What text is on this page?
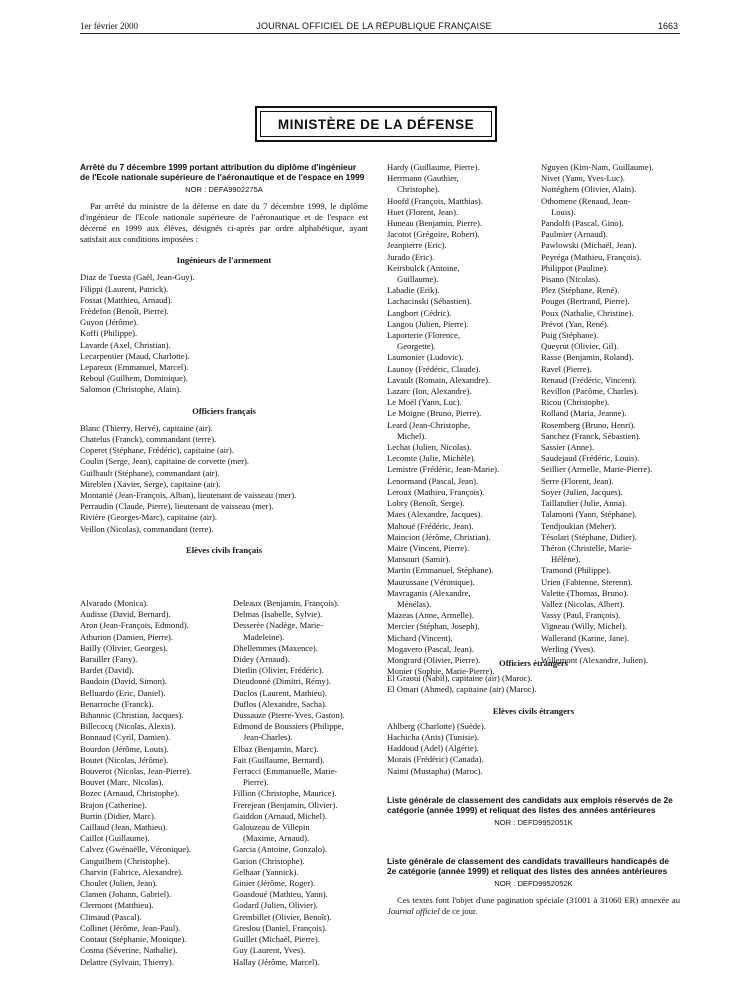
1er février 2000	JOURNAL OFFICIEL DE LA RÉPUBLIQUE FRANÇAISE	1663
MINISTÈRE DE LA DÉFENSE
Arrêté du 7 décembre 1999 portant attribution du diplôme d'ingénieur de l'Ecole nationale supérieure de l'aéronautique et de l'espace en 1999
NOR : DEFA9902275A
Par arrêté du ministre de la défense en date du 7 décembre 1999, le diplôme d'ingénieur de l'Ecole nationale supérieure de l'aéronautique et de l'espace est décerné en 1999 aux élèves, désignés ci-après par ordre alphabétique, ayant satisfait aux conditions imposées :
Ingénieurs de l'armement
Diaz de Tuesta (Gaël, Jean-Guy).
Filippi (Laurent, Patrick).
Fossat (Matthieu, Arnaud).
Frèdefon (Benoît, Pierre).
Guyon (Jérôme).
Koffi (Philippe).
Lavarde (Axel, Christian).
Lecarpentier (Maud, Charlotte).
Lepareux (Emmanuel, Marcel).
Reboul (Guilhem, Dominique).
Salomon (Christophe, Alain).
Officiers français
Blanc (Thierry, Hervé), capitaine (air).
Chatelus (Franck), commandant (terre).
Coperet (Stéphane, Frédéric), capitaine (air).
Coulin (Serge, Jean), capitaine de corvette (mer).
Guilbault (Stéphane), commandant (air).
Mireblen (Xavier, Serge), capitaine (air).
Montanié (Jean-François, Alban), lieutenant de vaisseau (mer).
Perraudin (Claude, Pierre), lieutenant de vaisseau (mer).
Rivière (Georges-Marc), capitaine (air).
Veillon (Nicolas), commandant (terre).
Elèves civils français
Alvarado (Monica).
Audisse (David, Bernard).
Aron (Jean-François, Edmond).
Athurion (Damien, Pierre).
Bailly (Olivier, Georges).
Barailler (Fany).
Bardet (David).
Baudoin (David, Simon).
Belluardo (Eric, Daniel).
Benarroche (Franck).
Bihannic (Christian, Jacques).
Billecocq (Nicolas, Alexis).
Bonnaud (Cyril, Damien).
Bourdon (Jérôme, Louis).
Boutet (Nicolas, Jérôme).
Bouverot (Nicolas, Jean-Pierre).
Bouvet (Marc, Nicolas).
Bozec (Arnaud, Christophe).
Brajon (Catherine).
Burtin (Didier, Marc).
Caillaud (Jean, Mathieu).
Caillot (Guillaume).
Calvez (Gwénaëlle, Véronique).
Canguilhem (Christophe).
Charvin (Fabrice, Alexandre).
Choulet (Julien, Jean).
Clamen (Johann, Gabriel).
Clermont (Matthieu).
Climaud (Pascal).
Collinet (Jérôme, Jean-Paul).
Contaut (Stéphanie, Monique).
Cosma (Séverine, Nathalie).
Delattre (Sylvain, Thierry).
Deleaux (Benjamin, François).
Delmas (Isabelle, Sylvie).
Desserée (Nadège, Marie-
Madeleine).
Dhellemmes (Maxence).
Didey (Arnaud).
Dietlin (Olivier, Frédéric).
Dieudonné (Dimitri, Rémy).
Duclos (Laurent, Mathieu).
Duflos (Alexandre, Sacha).
Dussauze (Pierre-Yves, Gaston).
Edmond de Boussiers (Philippe,
Jean-Charles).
Elbaz (Benjamin, Marc).
Fait (Guillaume, Bernard).
Ferracci (Emmanuelle, Marie-
Pierre).
Fillion (Christophe, Maurice).
Frerejean (Benjamin, Olivier).
Gaiddon (Arnaud, Michel).
Galouzeau de Villepin
(Maxime, Arnaud).
Garcia (Antoine, Gonzalo).
Garion (Christophe).
Gelhaar (Yannick).
Ginier (Jérôme, Roger).
Goasdoué (Mathieu, Yann).
Godard (Julien, Olivier).
Grembillet (Olivier, Benoît).
Greslou (Daniel, François).
Guillet (Michaël, Pierre).
Guy (Laurent, Yves).
Hallay (Jérôme, Marcel).
Hardy (Guillaume, Pierre).
Herrmann (Gauthier,
Christophe).
Hoofd (François, Matthias).
Huet (Florent, Jean).
Huneau (Benjamin, Pierre).
Jacotot (Grégoire, Robert).
Jeanpierre (Eric).
Jurado (Eric).
Keirsbulck (Antoine,
Guillaume).
Labadie (Erik).
Lachacinski (Sébastien).
Langbort (Cédric).
Langou (Julien, Pierre).
Laporterie (Florence,
Georgette).
Laumonier (Ludovic).
Launoy (Frédéric, Claude).
Lavault (Romain, Alexandre).
Lazarc (Ion, Alexandre).
Le Moël (Yann, Luc).
Le Moigne (Bruno, Pierre).
Leard (Jean-Christophe,
Michel).
Lechat (Julien, Nicolas).
Lecomte (Julie, Michèle).
Lemistre (Frédéric, Jean-Marie).
Lenormand (Pascal, Jean).
Leroux (Mathieu, François).
Lobry (Benoît, Serge).
Maes (Alexandre, Jacques).
Mahoué (Frédéric, Jean).
Maincion (Jérôme, Christian).
Maire (Vincent, Pierre).
Mansouri (Samir).
Martin (Emmanuel, Stéphane).
Maurussane (Véronique).
Mavraganis (Alexandre,
Ménélas).
Mazeas (Anne, Armelle).
Mercier (Stéphan, Joseph).
Michard (Vincent).
Mogavero (Pascal, Jean).
Mongrard (Olivier, Pierre).
Monier (Sophie, Marie-Pierre).
Nguyen (Kim-Nam, Guillaume).
Nivet (Yann, Yves-Luc).
Nottéghem (Olivier, Alain).
Othomene (Renaud, Jean-
Louis).
Pandolfi (Pascal, Gino).
Paulmier (Arnaud).
Pawlowski (Michaël, Jean).
Peyréga (Mathieu, François).
Philippot (Pauline).
Pisano (Nicolas).
Plez (Stéphane, René).
Pouget (Bertrand, Pierre).
Poux (Nathalie, Christine).
Prévot (Yan, René).
Puig (Stéphane).
Queyrut (Olivier, Gil).
Rasse (Benjamin, Roland).
Ravel (Pierre).
Renaud (Frédéric, Vincent).
Revillon (Pacôme, Charles).
Ricou (Christophe).
Rolland (Maria, Jeanne).
Rosemberg (Bruno, Henri).
Sanchez (Franck, Sébastien).
Sassier (Anne).
Saudejaud (Frédéric, Louis).
Seillier (Armelle, Marie-Pierre).
Serre (Florent, Jean).
Soyer (Julien, Jacques).
Taillandier (Julie, Anna).
Talamoni (Yann, Stéphane).
Tendjoukian (Meher).
Tésolari (Stéphane, Didier).
Théron (Christelle, Marie-
Hélène).
Tramond (Philippe).
Urien (Fabienne, Sterenn).
Valette (Thomas, Bruno).
Vallez (Nicolas, Albert).
Vassy (Paul, François).
Vigneau (Willy, Michel).
Wallerand (Karine, Jane).
Werling (Yves).
Willemont (Alexandre, Julien).
Officiers étrangers
El Graoui (Nabil), capitaine (air) (Maroc).
El Omari (Ahmed), capitaine (air) (Maroc).
Elèves civils étrangers
Ahlberg (Charlotte) (Suède).
Hachicha (Anis) (Tunisie).
Haddoud (Adel) (Algérie).
Morais (Frédéric) (Canada).
Naimi (Mustapha) (Maroc).
Liste générale de classement des candidats aux emplois réservés de 2e catégorie (année 1999) et reliquat des listes des années antérieures
NOR : DEFD9952051K
Liste générale de classement des candidats travailleurs handicapés de 2e catégorie (année 1999) et reliquat des listes des années antérieures
NOR : DEFD9952052K
Ces textes font l'objet d'une pagination spéciale (31001 à 31060 ER) annexée au Journal officiel de ce jour.
